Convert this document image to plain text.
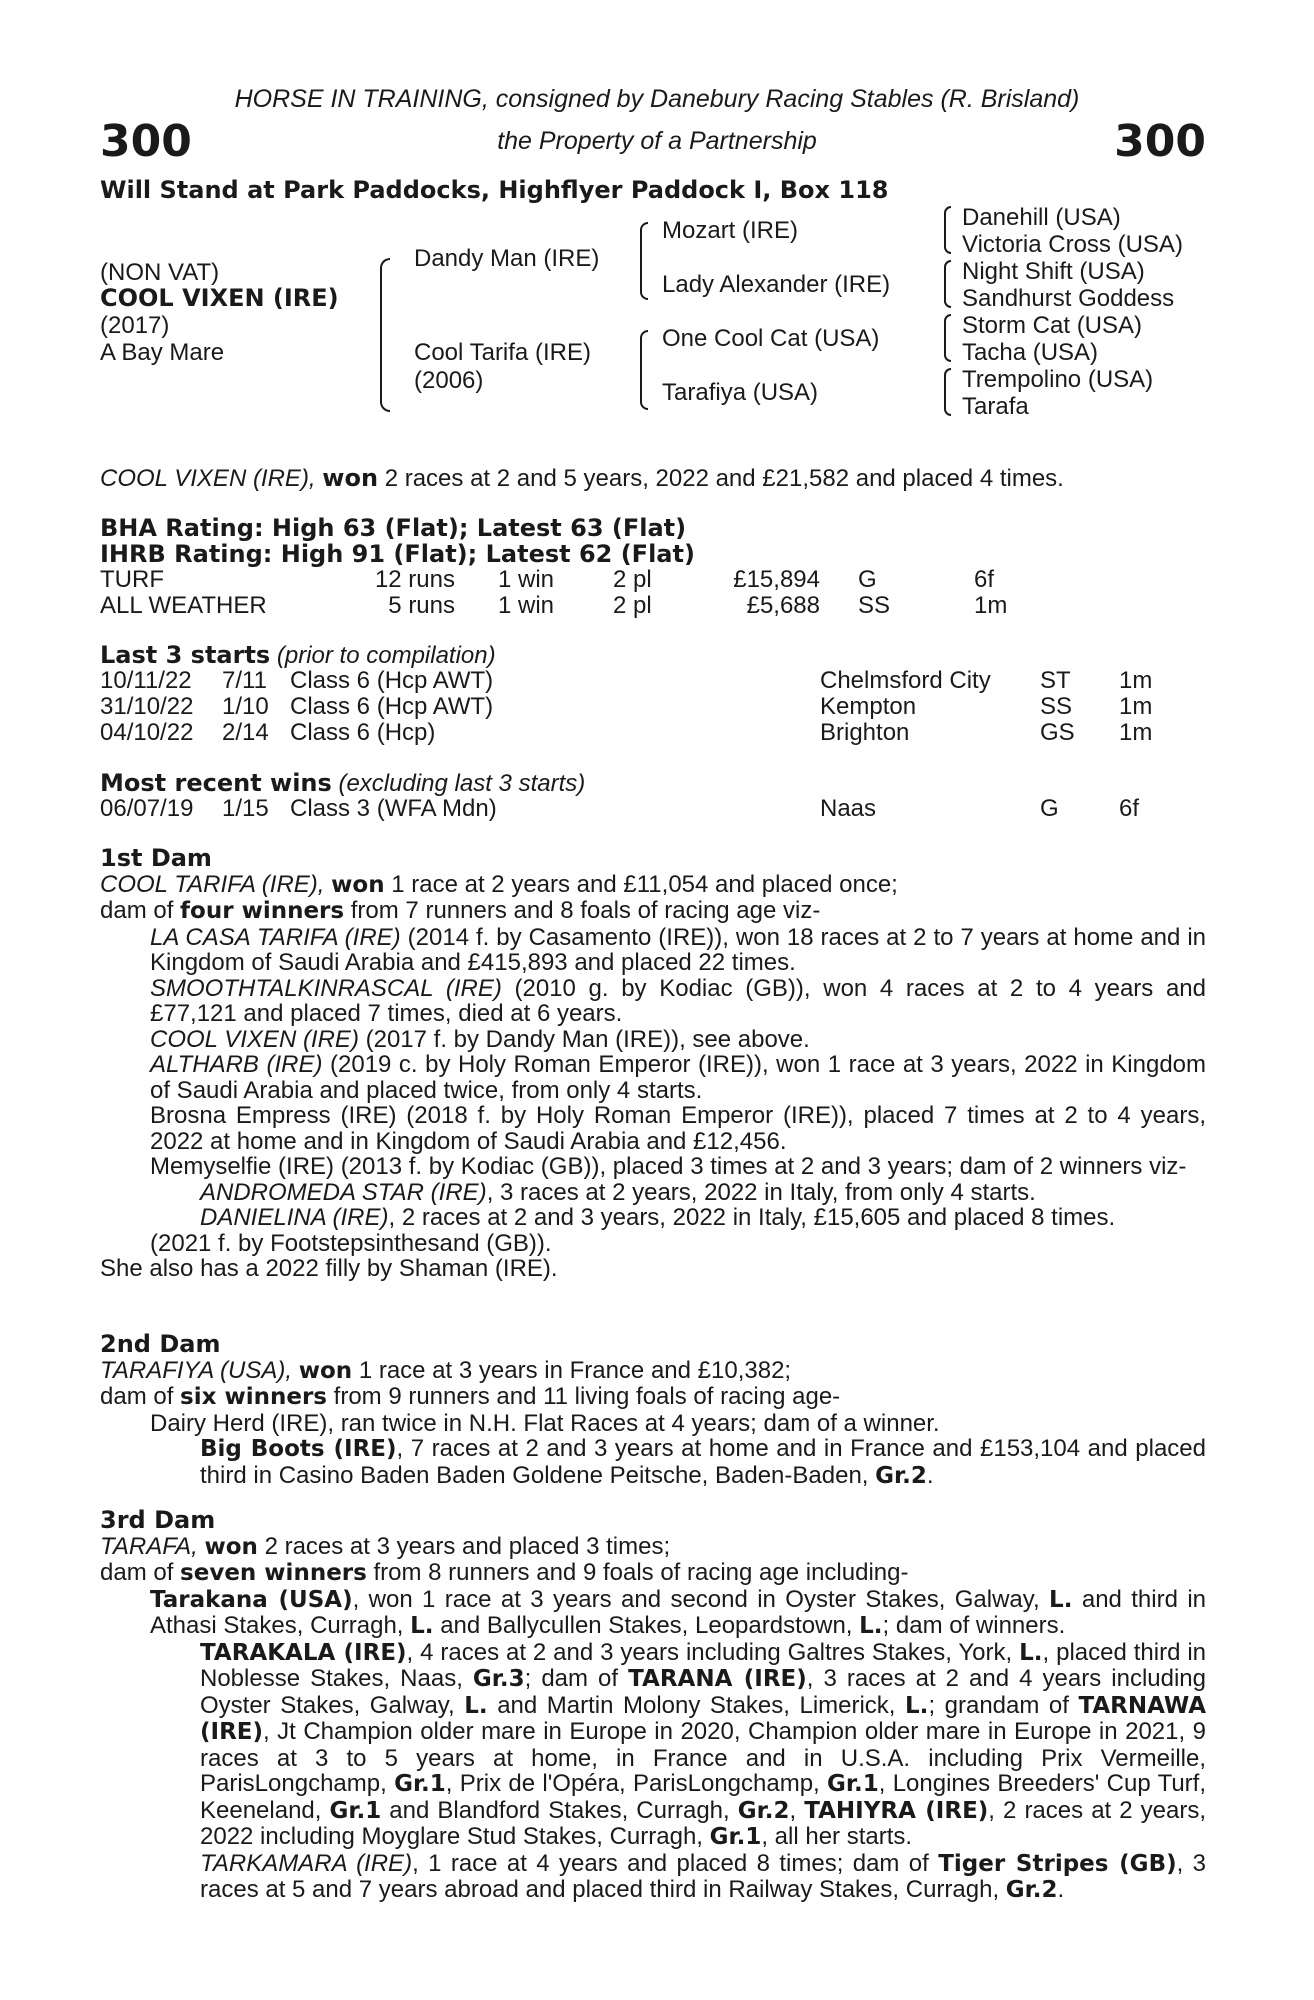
HORSE IN TRAINING, consigned by Danebury Racing Stables (R. Brisland)
300	the Property of a Partnership	300
Will Stand at Park Paddocks, Highflyer Paddock I, Box 118
(NON VAT)
COOL VIXEN (IRE)
(2017)
A Bay Mare
Dandy Man (IRE)
Cool Tarifa (IRE)
(2006)
Mozart (IRE)
Lady Alexander (IRE)
One Cool Cat (USA)
Tarafiya (USA)
Danehill (USA)
Victoria Cross (USA)
Night Shift (USA)
Sandhurst Goddess
Storm Cat (USA)
Tacha (USA)
Trempolino (USA)
Tarafa
COOL VIXEN (IRE), won 2 races at 2 and 5 years, 2022 and £21,582 and placed 4 times.
BHA Rating: High 63 (Flat); Latest 63 (Flat)
IHRB Rating: High 91 (Flat); Latest 62 (Flat)
TURF	12 runs 1 win 2 pl	£15,894 G	6f
ALL WEATHER	5 runs 1 win 2 pl	£5,688 SS	1m
Last 3 starts (prior to compilation)
10/11/22 7/11 Class 6 (Hcp AWT)	Chelmsford City ST 1m
31/10/22 1/10 Class 6 (Hcp AWT)	Kempton	SS 1m
04/10/22 2/14 Class 6 (Hcp)	Brighton	GS 1m
Most recent wins (excluding last 3 starts)
06/07/19 1/15 Class 3 (WFA Mdn)	Naas	G	6f

1st Dam

COOL TARIFA (IRE), won 1 race at 2 years and £11,054 and placed once;

dam of four winners from 7 runners and 8 foals of racing age viz-

LA CASA TARIFA (IRE) (2014 f. by Casamento (IRE)), won 18 races at 2 to 7 years at home and in Kingdom of Saudi Arabia and £415,893 and placed 22 times.

SMOOTHTALKINRASCAL (IRE) (2010 g. by Kodiac (GB)), won 4 races at 2 to 4 years and £77,121 and placed 7 times, died at 6 years.

COOL VIXEN (IRE) (2017 f. by Dandy Man (IRE)), see above.

ALTHARB (IRE) (2019 c. by Holy Roman Emperor (IRE)), won 1 race at 3 years, 2022 in Kingdom of Saudi Arabia and placed twice, from only 4 starts.

Brosna Empress (IRE) (2018 f. by Holy Roman Emperor (IRE)), placed 7 times at 2 to 4 years, 2022 at home and in Kingdom of Saudi Arabia and £12,456.

Memyselfie (IRE) (2013 f. by Kodiac (GB)), placed 3 times at 2 and 3 years; dam of 2 winners viz-

ANDROMEDA STAR (IRE), 3 races at 2 years, 2022 in Italy, from only 4 starts.

DANIELINA (IRE), 2 races at 2 and 3 years, 2022 in Italy, £15,605 and placed 8 times.

(2021 f. by Footstepsinthesand (GB)).

She also has a 2022 filly by Shaman (IRE).

2nd Dam

TARAFIYA (USA), won 1 race at 3 years in France and £10,382;

dam of six winners from 9 runners and 11 living foals of racing age-

Dairy Herd (IRE), ran twice in N.H. Flat Races at 4 years; dam of a winner.

Big Boots (IRE), 7 races at 2 and 3 years at home and in France and £153,104 and placed third in Casino Baden Baden Goldene Peitsche, Baden-Baden, Gr.2.

3rd Dam

TARAFA, won 2 races at 3 years and placed 3 times;

dam of seven winners from 8 runners and 9 foals of racing age including-

Tarakana (USA), won 1 race at 3 years and second in Oyster Stakes, Galway, L. and third in Athasi Stakes, Curragh, L. and Ballycullen Stakes, Leopardstown, L.; dam of winners.

TARAKALA (IRE), 4 races at 2 and 3 years including Galtres Stakes, York, L., placed third in Noblesse Stakes, Naas, Gr.3; dam of TARANA (IRE), 3 races at 2 and 4 years including Oyster Stakes, Galway, L. and Martin Molony Stakes, Limerick, L.; grandam of TARNAWA (IRE), Jt Champion older mare in Europe in 2020, Champion older mare in Europe in 2021, 9 races at 3 to 5 years at home, in France and in U.S.A. including Prix Vermeille, ParisLongchamp, Gr.1, Prix de l'Opéra, ParisLongchamp, Gr.1, Longines Breeders' Cup Turf, Keeneland, Gr.1 and Blandford Stakes, Curragh, Gr.2, TAHIYRA (IRE), 2 races at 2 years, 2022 including Moyglare Stud Stakes, Curragh, Gr.1, all her starts.

TARKAMARA (IRE), 1 race at 4 years and placed 8 times; dam of Tiger Stripes (GB), 3 races at 5 and 7 years abroad and placed third in Railway Stakes, Curragh, Gr.2.
